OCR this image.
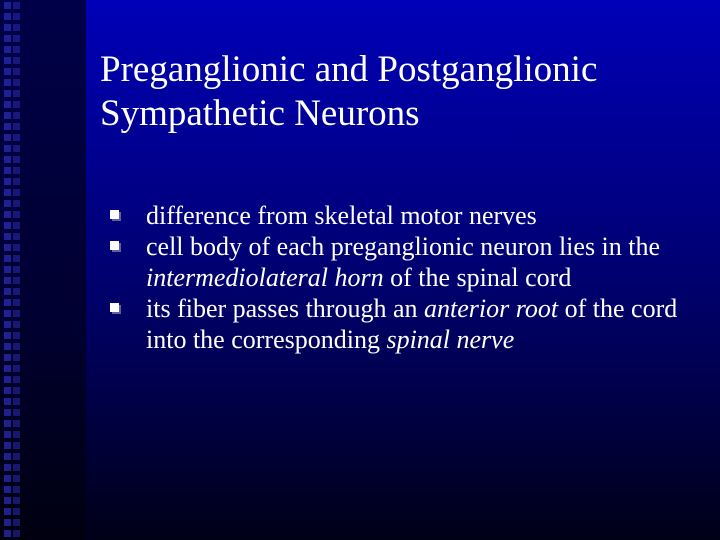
Preganglionic and Postganglionic
Sympathetic Neurons
difference from skeletal motor nerves
cell body of each preganglionic neuron lies in the intermediolateral horn of the spinal cord
its fiber passes through an anterior root of the cord into the corresponding spinal nerve
